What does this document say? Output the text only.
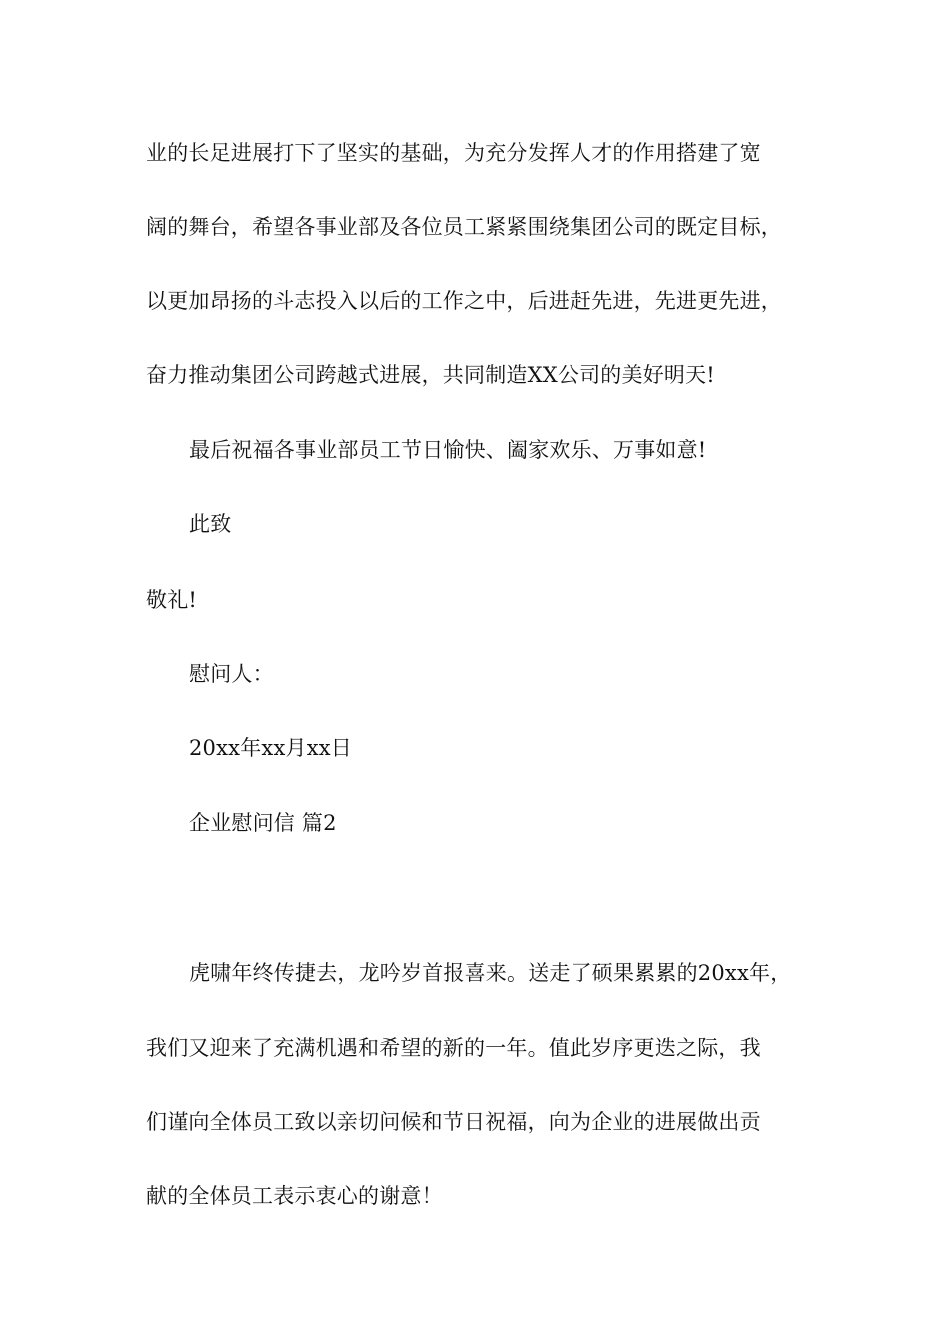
业的长足进展打下了坚实的基础，为充分发挥人才的作用搭建了宽
阔的舞台，希望各事业部及各位员工紧紧围绕集团公司的既定目标，
以更加昂扬的斗志投入以后的工作之中，后进赶先进，先进更先进，
奋力推动集团公司跨越式进展，共同制造XX公司的美好明天!
最后祝福各事业部员工节日愉快、阖家欢乐、万事如意!
此致
敬礼!
慰问人：
20xx年xx月xx日
企业慰问信 篇2
虎啸年终传捷去，龙吟岁首报喜来。送走了硕果累累的20xx年，
我们又迎来了充满机遇和希望的新的一年。值此岁序更迭之际，我
们谨向全体员工致以亲切问候和节日祝福，向为企业的进展做出贡
献的全体员工表示衷心的谢意！
